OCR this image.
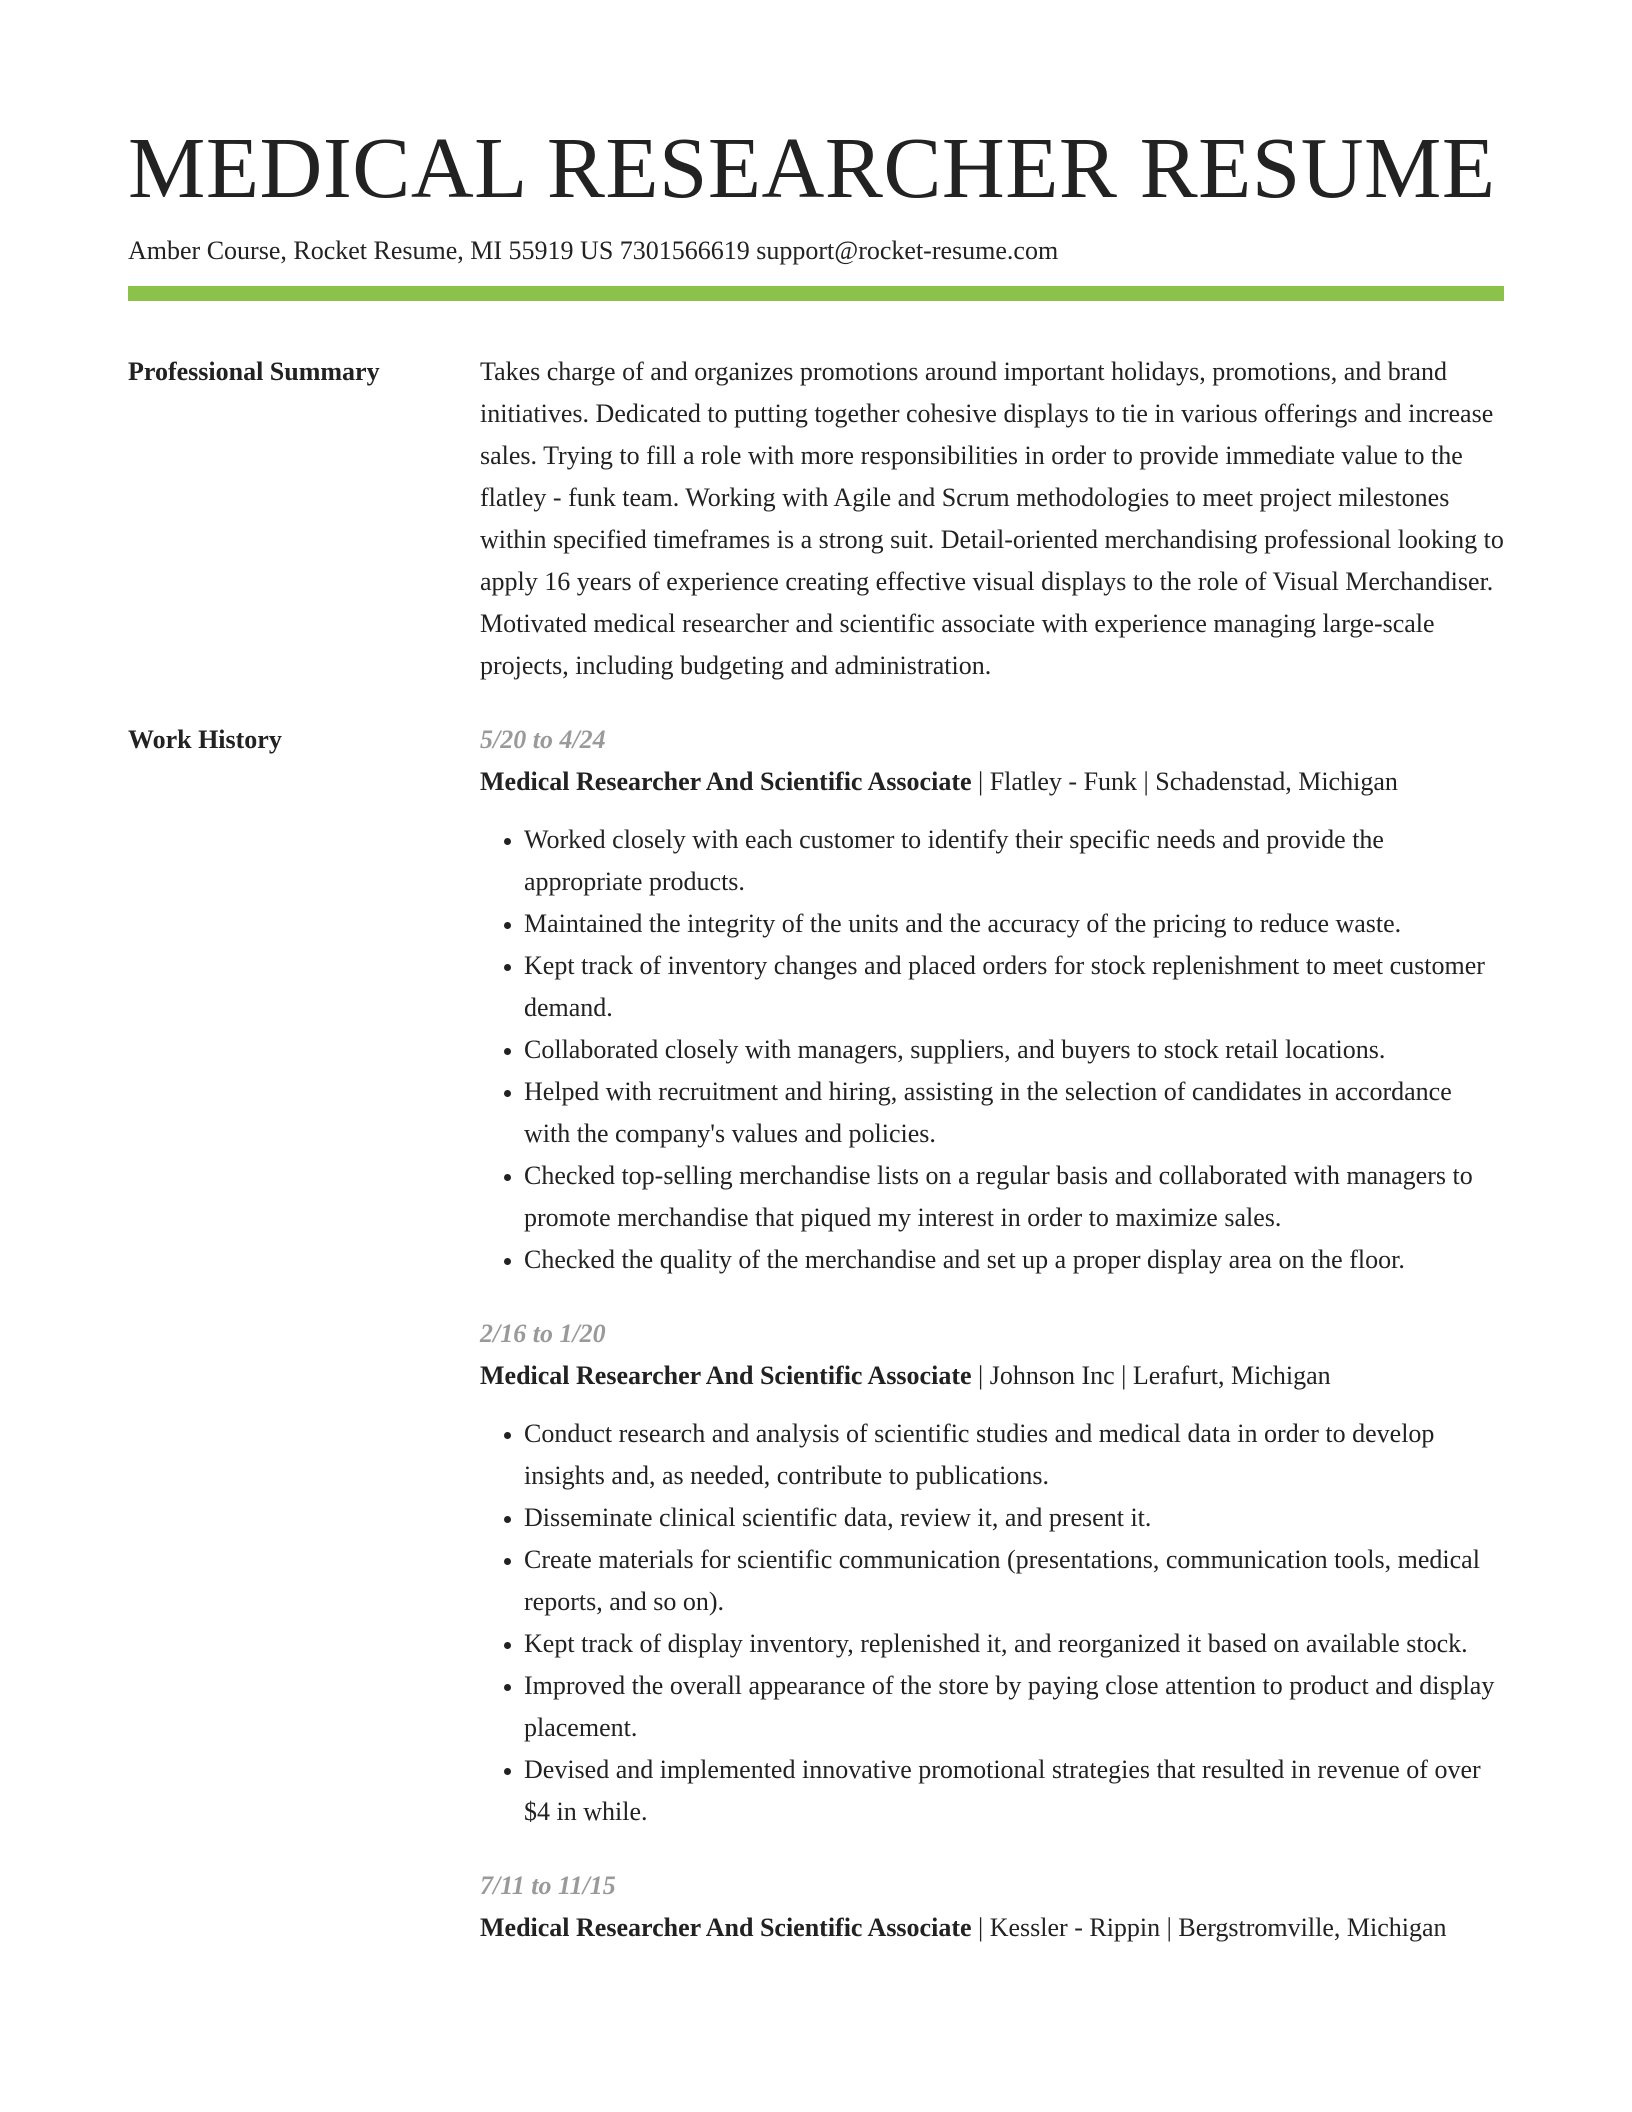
MEDICAL RESEARCHER RESUME
Amber Course, Rocket Resume, MI 55919 US 7301566619 support@rocket-resume.com
Professional Summary	Takes charge of and organizes promotions around important holidays, promotions, and brand initiatives. Dedicated to putting together cohesive displays to tie in various offerings and increase sales. Trying to fill a role with more responsibilities in order to provide immediate value to the flatley - funk team. Working with Agile and Scrum methodologies to meet project milestones within specified timeframes is a strong suit. Detail-oriented merchandising professional looking to apply 16 years of experience creating effective visual displays to the role of Visual Merchandiser. Motivated medical researcher and scientific associate with experience managing large-scale projects, including budgeting and administration.

Work History	5/20 to 4/24
Medical Researcher And Scientific Associate | Flatley - Funk | Schadenstad, Michigan
• Worked closely with each customer to identify their specific needs and provide the appropriate products.
• Maintained the integrity of the units and the accuracy of the pricing to reduce waste.
• Kept track of inventory changes and placed orders for stock replenishment to meet customer demand.
• Collaborated closely with managers, suppliers, and buyers to stock retail locations.
• Helped with recruitment and hiring, assisting in the selection of candidates in accordance with the company's values and policies.
• Checked top-selling merchandise lists on a regular basis and collaborated with managers to promote merchandise that piqued my interest in order to maximize sales.
• Checked the quality of the merchandise and set up a proper display area on the floor.
2/16 to 1/20
Medical Researcher And Scientific Associate | Johnson Inc | Lerafurt, Michigan
• Conduct research and analysis of scientific studies and medical data in order to develop insights and, as needed, contribute to publications.
• Disseminate clinical scientific data, review it, and present it.
• Create materials for scientific communication (presentations, communication tools, medical reports, and so on).
• Kept track of display inventory, replenished it, and reorganized it based on available stock.
• Improved the overall appearance of the store by paying close attention to product and display placement.
• Devised and implemented innovative promotional strategies that resulted in revenue of over $4 in while.
7/11 to 11/15
Medical Researcher And Scientific Associate | Kessler - Rippin | Bergstromville, Michigan
